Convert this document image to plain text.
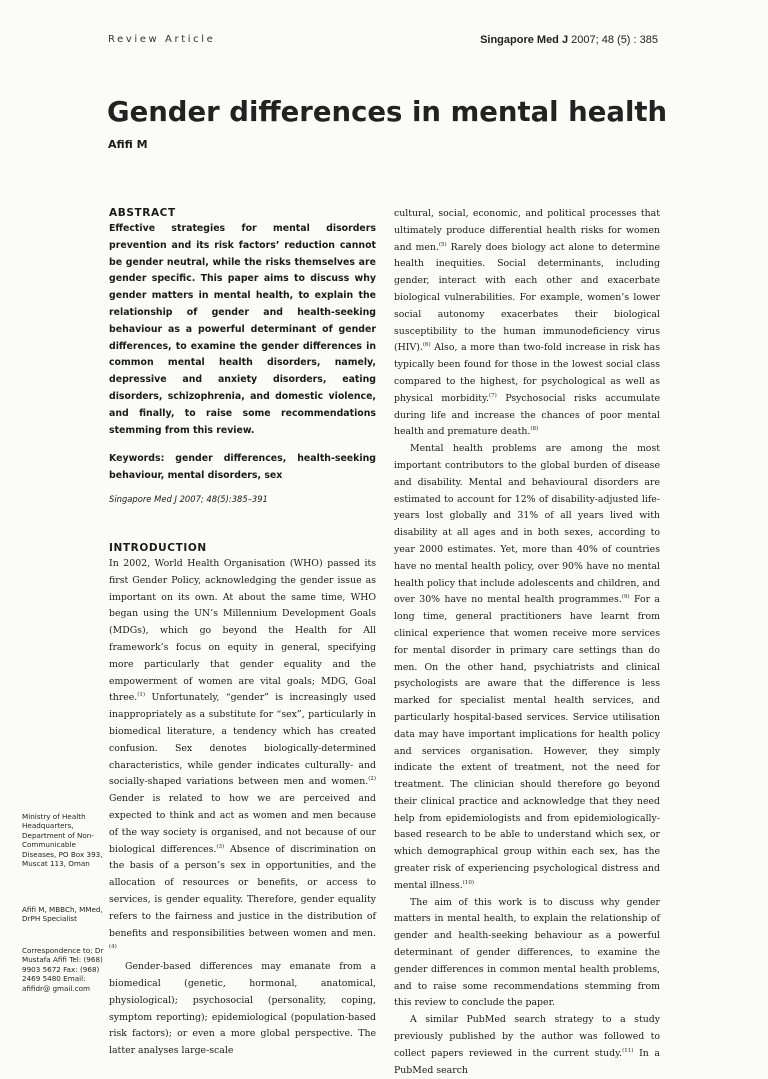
Review Article	Singapore Med J 2007; 48 (5) : 385
Gender differences in mental health
Afifi M

ABSTRACT

Effective strategies for mental disorders prevention and its risk factors’ reduction cannot be gender neutral, while the risks themselves are gender specific. This paper aims to discuss why gender matters in mental health, to explain the relationship of gender and health-seeking behaviour as a powerful determinant of gender differences, to examine the gender differences in common mental health disorders, namely, depressive and anxiety disorders, eating disorders, schizophrenia, and domestic violence, and finally, to raise some recommendations stemming from this review.

Keywords: gender differences, health-seeking behaviour, mental disorders, sex

Singapore Med J 2007; 48(5):385–391

INTRODUCTION

In 2002, World Health Organisation (WHO) passed its first Gender Policy, acknowledging the gender issue as important on its own. At about the same time, WHO began using the UN’s Millennium Development Goals (MDGs), which go beyond the Health for All framework’s focus on equity in general, specifying more particularly that gender equality and the empowerment of women are vital goals; MDG, Goal three.$^{(1)}$ Unfortunately, “gender” is increasingly used inappropriately as a substitute for “sex”, particularly in biomedical literature, a tendency which has created confusion. Sex denotes biologically-determined characteristics, while gender indicates culturally- and socially-shaped variations between men and women.$^{(2)}$ Gender is related to how we are perceived and expected to think and act as women and men because of the way society is organised, and not because of our biological differences.$^{(3)}$ Absence of discrimination on the basis of a person’s sex in opportunities, and the allocation of resources or benefits, or access to services, is gender equality. Therefore, gender equality refers to the fairness and justice in the distribution of benefits and responsibilities between women and men.$^{(4)}$

Gender-based differences may emanate from a biomedical (genetic, hormonal, anatomical, physiological); psychosocial (personality, coping, symptom reporting); epidemiological (population-based risk factors); or even a more global perspective. The latter analyses large-scale

cultural, social, economic, and political processes that ultimately produce differential health risks for women and men.$^{(5)}$ Rarely does biology act alone to determine health inequities. Social determinants, including gender, interact with each other and exacerbate biological vulnerabilities. For example, women’s lower social autonomy exacerbates their biological susceptibility to the human immunodeficiency virus (HIV).$^{(6)}$ Also, a more than two-fold increase in risk has typically been found for those in the lowest social class compared to the highest, for psychological as well as physical morbidity.$^{(7)}$ Psychosocial risks accumulate during life and increase the chances of poor mental health and premature death.$^{(8)}$

Mental health problems are among the most important contributors to the global burden of disease and disability. Mental and behavioural disorders are estimated to account for 12% of disability-adjusted life-years lost globally and 31% of all years lived with disability at all ages and in both sexes, according to year 2000 estimates. Yet, more than 40% of countries have no mental health policy, over 90% have no mental health policy that include adolescents and children, and over 30% have no mental health programmes.$^{(9)}$ For a long time, general practitioners have learnt from clinical experience that women receive more services for mental disorder in primary care settings than do men. On the other hand, psychiatrists and clinical psychologists are aware that the difference is less marked for specialist mental health services, and particularly hospital-based services. Service utilisation data may have important implications for health policy and services organisation. However, they simply indicate the extent of treatment, not the need for treatment. The clinician should therefore go beyond their clinical practice and acknowledge that they need help from epidemiologists and from epidemiologically-based research to be able to understand which sex, or which demographical group within each sex, has the greater risk of experiencing psychological distress and mental illness.$^{(10)}$

The aim of this work is to discuss why gender matters in mental health, to explain the relationship of gender and health-seeking behaviour as a powerful determinant of gender differences, to examine the gender differences in common mental health problems, and to raise some recommendations stemming from this review to conclude the paper.

A similar PubMed search strategy to a study previously published by the author was followed to collect papers reviewed in the current study.$^{(11)}$ In a PubMed search

Ministry of Health Headquarters, Department of Non-Communicable Diseases, PO Box 393, Muscat 113, Oman
Afifi M, MBBCh, MMed, DrPH Specialist
Correspondence to: Dr Mustafa Afifi Tel: (968) 9903 5672 Fax: (968) 2469 5480 Email: afifidr@ gmail.com
